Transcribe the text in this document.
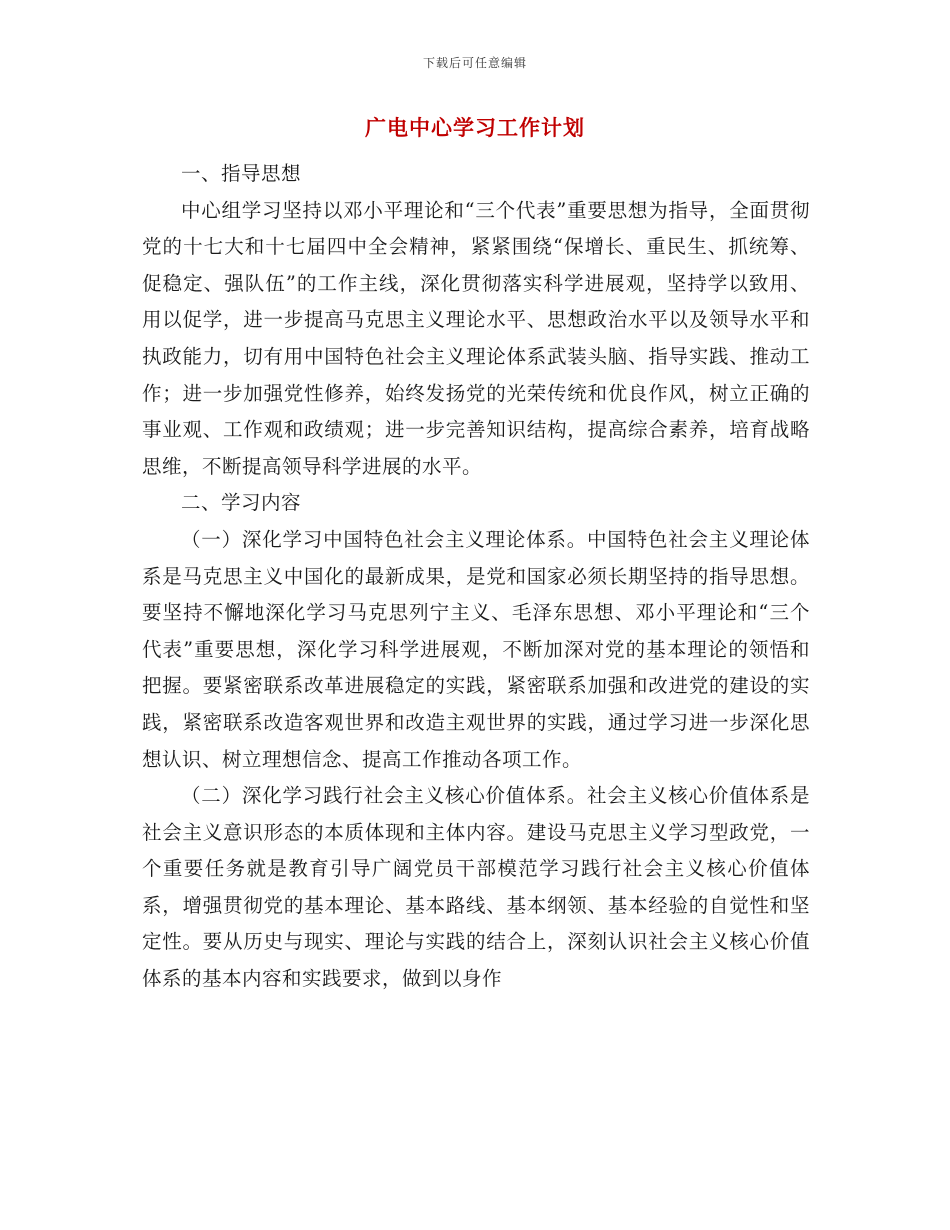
下载后可任意编辑
广电中心学习工作计划

一、指导思想

中心组学习坚持以邓小平理论和“三个代表”重要思想为指导，全面贯彻党的十七大和十七届四中全会精神，紧紧围绕“保增长、重民生、抓统筹、促稳定、强队伍”的工作主线，深化贯彻落实科学进展观，坚持学以致用、用以促学，进一步提高马克思主义理论水平、思想政治水平以及领导水平和执政能力，切有用中国特色社会主义理论体系武装头脑、指导实践、推动工作；进一步加强党性修养，始终发扬党的光荣传统和优良作风，树立正确的事业观、工作观和政绩观；进一步完善知识结构，提高综合素养，培育战略思维，不断提高领导科学进展的水平。

二、学习内容

（一）深化学习中国特色社会主义理论体系。中国特色社会主义理论体系是马克思主义中国化的最新成果，是党和国家必须长期坚持的指导思想。要坚持不懈地深化学习马克思列宁主义、毛泽东思想、邓小平理论和“三个代表”重要思想，深化学习科学进展观，不断加深对党的基本理论的领悟和把握。要紧密联系改革进展稳定的实践，紧密联系加强和改进党的建设的实践，紧密联系改造客观世界和改造主观世界的实践，通过学习进一步深化思想认识、树立理想信念、提高工作推动各项工作。

（二）深化学习践行社会主义核心价值体系。社会主义核心价值体系是社会主义意识形态的本质体现和主体内容。建设马克思主义学习型政党，一个重要任务就是教育引导广阔党员干部模范学习践行社会主义核心价值体系，增强贯彻党的基本理论、基本路线、基本纲领、基本经验的自觉性和坚定性。要从历史与现实、理论与实践的结合上，深刻认识社会主义核心价值体系的基本内容和实践要求，做到以身作
